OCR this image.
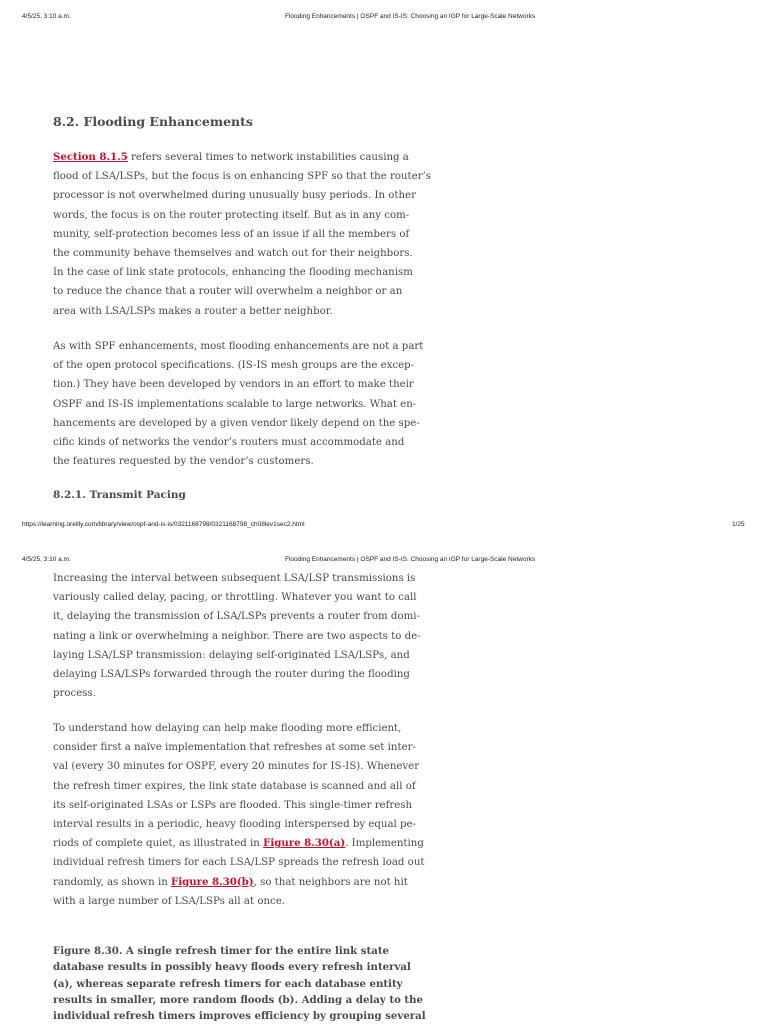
4/5/25, 3:10 a.m.	Flooding Enhancements | OSPF and IS-IS: Choosing an IGP for Large-Scale Networks
8.2. Flooding Enhancements
Section 8.1.5 refers several times to network instabilities causing a
flood of LSA/LSPs, but the focus is on enhancing SPF so that the router’s
processor is not overwhelmed during unusually busy periods. In other
words, the focus is on the router protecting itself. But as in any com-
munity, self-protection becomes less of an issue if all the members of
the community behave themselves and watch out for their neighbors.
In the case of link state protocols, enhancing the flooding mechanism
to reduce the chance that a router will overwhelm a neighbor or an
area with LSA/LSPs makes a router a better neighbor.
As with SPF enhancements, most flooding enhancements are not a part
of the open protocol specifications. (IS-IS mesh groups are the excep-
tion.) They have been developed by vendors in an effort to make their
OSPF and IS-IS implementations scalable to large networks. What en-
hancements are developed by a given vendor likely depend on the spe-
cific kinds of networks the vendor’s routers must accommodate and
the features requested by the vendor’s customers.
8.2.1. Transmit Pacing
https://learning.oreilly.com/library/view/ospf-and-is-is/0321168798/0321168798_ch08lev1sec2.html	1/25
4/5/25, 3:10 a.m.	Flooding Enhancements | OSPF and IS-IS: Choosing an IGP for Large-Scale Networks
Increasing the interval between subsequent LSA/LSP transmissions is
variously called delay, pacing, or throttling. Whatever you want to call
it, delaying the transmission of LSA/LSPs prevents a router from domi-
nating a link or overwhelming a neighbor. There are two aspects to de-
laying LSA/LSP transmission: delaying self-originated LSA/LSPs, and
delaying LSA/LSPs forwarded through the router during the flooding
process.
To understand how delaying can help make flooding more efficient,
consider first a naïve implementation that refreshes at some set inter-
val (every 30 minutes for OSPF, every 20 minutes for IS-IS). Whenever
the refresh timer expires, the link state database is scanned and all of
its self-originated LSAs or LSPs are flooded. This single-timer refresh
interval results in a periodic, heavy flooding interspersed by equal pe-
riods of complete quiet, as illustrated in Figure 8.30(a). Implementing
individual refresh timers for each LSA/LSP spreads the refresh load out
randomly, as shown in Figure 8.30(b), so that neighbors are not hit
with a large number of LSA/LSPs all at once.
Figure 8.30. A single refresh timer for the entire link state
database results in possibly heavy floods every refresh interval
(a), whereas separate refresh timers for each database entity
results in smaller, more random floods (b). Adding a delay to the
individual refresh timers improves efficiency by grouping several
